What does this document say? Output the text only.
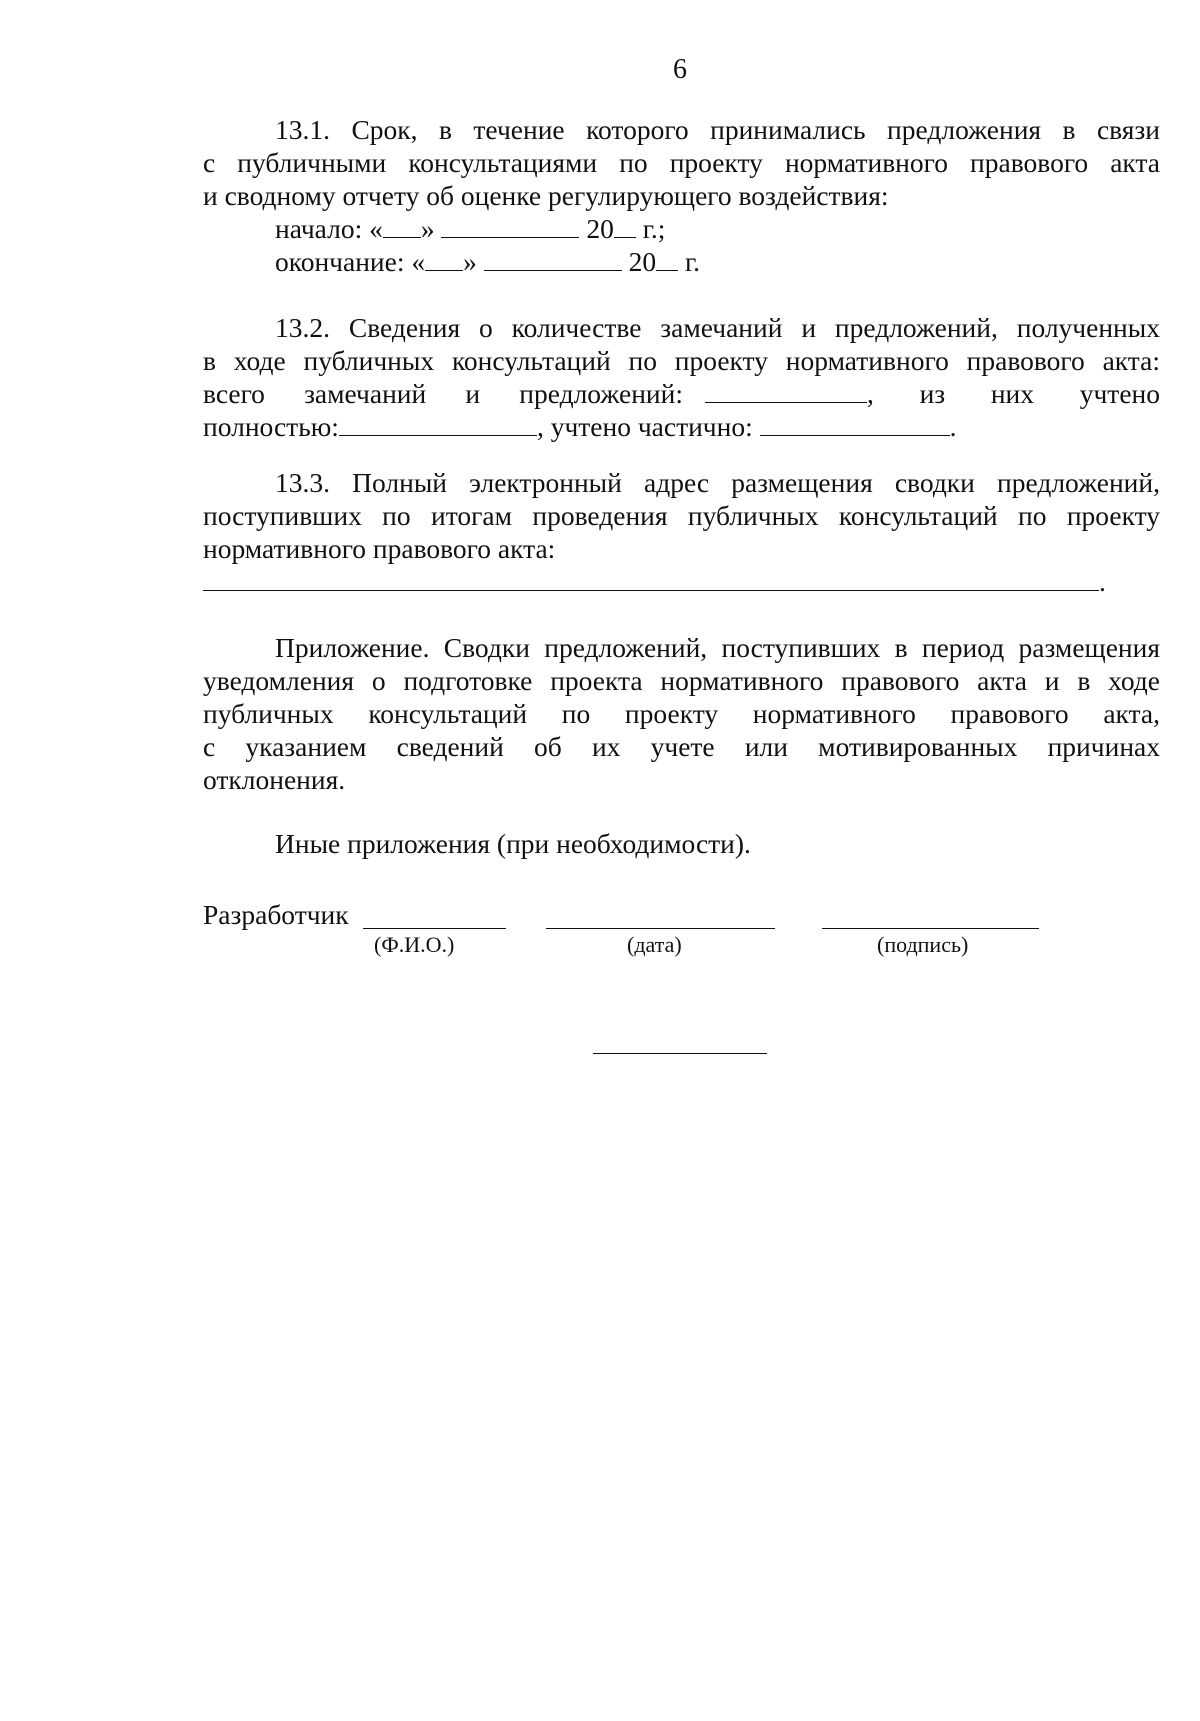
6
13.1. Срок, в течение которого принимались предложения в связи
с публичными консультациями по проекту нормативного правового акта
и сводному отчету об оценке регулирующего воздействия:
начало: « »	20 г.;
окончание: « »	20 г.
13.2. Сведения о количестве замечаний и предложений, полученных
в ходе публичных консультаций по проекту нормативного правового акта:
всего замечаний и предложений:	, из них учтено
полностью:	, учтено частично:	.
13.3. Полный электронный адрес размещения сводки предложений,
поступивших по итогам проведения публичных консультаций по проекту
нормативного правового акта:
.
Приложение. Сводки предложений, поступивших в период размещения
уведомления о подготовке проекта нормативного правового акта и в ходе
публичных консультаций по проекту нормативного правового акта,
с указанием сведений об их учете или мотивированных причинах
отклонения.
Иные приложения (при необходимости).
Разработчик
(Ф.И.О.)	(дата)	(подпись)
